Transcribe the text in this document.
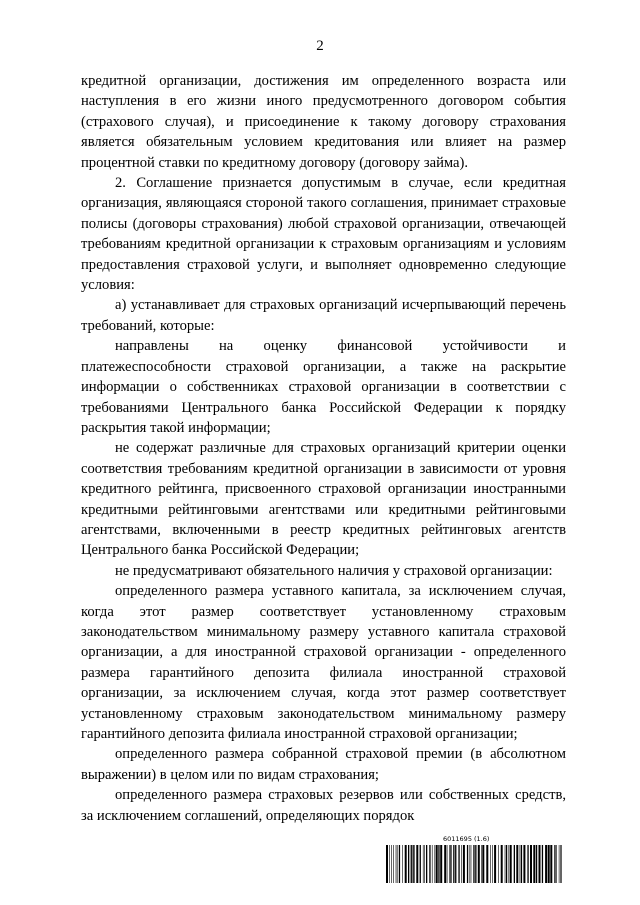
2

кредитной организации, достижения им определенного возраста или наступления в его жизни иного предусмотренного договором события (страхового случая), и присоединение к такому договору страхования является обязательным условием кредитования или влияет на размер процентной ставки по кредитному договору (договору займа).

2. Соглашение признается допустимым в случае, если кредитная организация, являющаяся стороной такого соглашения, принимает страховые полисы (договоры страхования) любой страховой организации, отвечающей требованиям кредитной организации к страховым организациям и условиям предоставления страховой услуги, и выполняет одновременно следующие условия:

а) устанавливает для страховых организаций исчерпывающий перечень требований, которые:

направлены на оценку финансовой устойчивости и платежеспособности страховой организации, а также на раскрытие информации о собственниках страховой организации в соответствии с требованиями Центрального банка Российской Федерации к порядку раскрытия такой информации;

не содержат различные для страховых организаций критерии оценки соответствия требованиям кредитной организации в зависимости от уровня кредитного рейтинга, присвоенного страховой организации иностранными кредитными рейтинговыми агентствами или кредитными рейтинговыми агентствами, включенными в реестр кредитных рейтинговых агентств Центрального банка Российской Федерации;

не предусматривают обязательного наличия у страховой организации:

определенного размера уставного капитала, за исключением случая, когда этот размер соответствует установленному страховым законодательством минимальному размеру уставного капитала страховой организации, а для иностранной страховой организации - определенного размера гарантийного депозита филиала иностранной страховой организации, за исключением случая, когда этот размер соответствует установленному страховым законодательством минимальному размеру гарантийного депозита филиала иностранной страховой организации;

определенного размера собранной страховой премии (в абсолютном выражении) в целом или по видам страхования;

определенного размера страховых резервов или собственных средств, за исключением соглашений, определяющих порядок

6011695 (1.6)
